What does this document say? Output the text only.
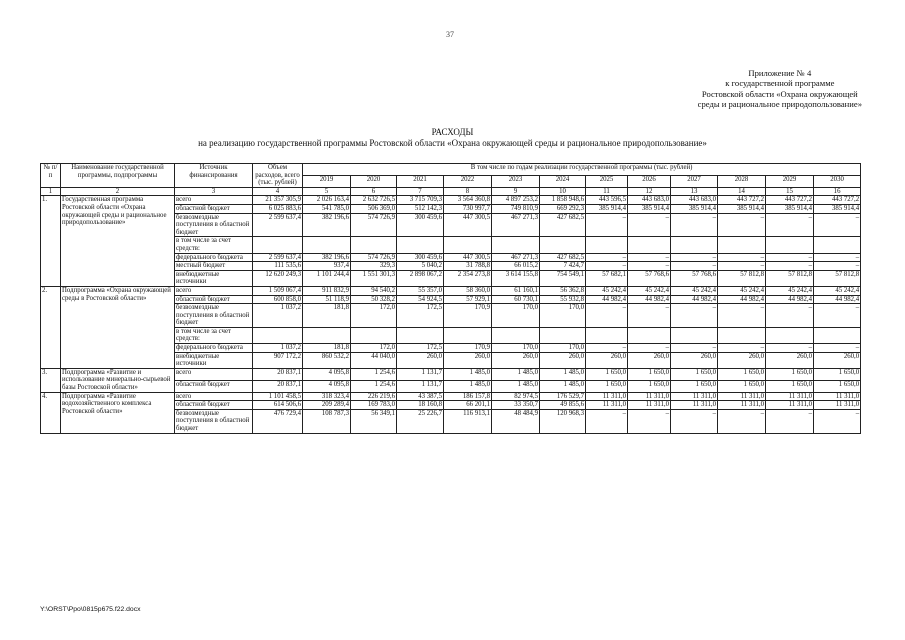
37
Приложение № 4
к государственной программе
Ростовской области «Охрана окружающей
среды и рациональное природопользование»
РАСХОДЫ
на реализацию государственной программы Ростовской области «Охрана окружающей среды и рациональное природопользование»
№ п/п	Наименование государственной программы, подпрограммы	Источник финансирования	Объем расходов, всего (тыс. рублей)	В том числе по годам реализации государственной программы (тыс. рублей)											
				2019	2020	2021	2022	2023	2024	2025	2026	2027	2028	2029	2030
1	2	3	4	5	6	7	8	9	10	11	12	13	14	15	16
1.	Государственная программа Ростовской области «Охрана окружающей среды и рациональное природопользование»	всего	21 357 305,9	2 026 163,4	2 632 726,5	3 715 709,3	3 564 360,8	4 897 253,2	1 858 948,6	443 596,5	443 683,0	443 683,0	443 727,2	443 727,2	443 727,2
		областной бюджет	6 025 883,6	541 785,0	506 369,0	512 142,3	730 997,7	749 810,9	669 292,3	385 914,4	385 914,4	385 914,4	385 914,4	385 914,4	385 914,4
		безвозмездные поступления в областной бюджет	2 599 637,4	382 196,6	574 726,9	300 459,6	447 300,5	467 271,3	427 682,5	–	–	–	–	–	–
		в том числе за счет средств:													
		федерального бюджета	2 599 637,4	382 196,6	574 726,9	300 459,6	447 300,5	467 271,3	427 682,5	–	–	–	–	–	–
		местный бюджет	111 535,6	937,4	329,3	5 040,2	31 788,8	66 015,2	7 424,7	–	–	–	–	–	–
		внебюджетные источники	12 620 249,3	1 101 244,4	1 551 301,3	2 898 067,2	2 354 273,8	3 614 155,8	754 549,1	57 682,1	57 768,6	57 768,6	57 812,8	57 812,8	57 812,8
2.	Подпрограмма «Охрана окружающей среды в Ростовской области»	всего	1 509 067,4	911 832,9	94 540,2	55 357,0	58 360,0	61 160,1	56 362,8	45 242,4	45 242,4	45 242,4	45 242,4	45 242,4	45 242,4
		областной бюджет	600 858,0	51 118,9	50 328,2	54 924,5	57 929,1	60 730,1	55 932,8	44 982,4	44 982,4	44 982,4	44 982,4	44 982,4	44 982,4
		безвозмездные поступления в областной бюджет	1 037,2	181,8	172,0	172,5	170,9	170,0	170,0	–	–	–	–	–	–
		в том числе за счет средств:													
		федерального бюджета	1 037,2	181,8	172,0	172,5	170,9	170,0	170,0	–	–	–	–	–	–
		внебюджетные источники	907 172,2	860 532,2	44 040,0	260,0	260,0	260,0	260,0	260,0	260,0	260,0	260,0	260,0	260,0
3.	Подпрограмма «Развитие и использование минерально-сырьевой базы Ростовской области»	всего	20 837,1	4 095,8	1 254,6	1 131,7	1 485,0	1 485,0	1 485,0	1 650,0	1 650,0	1 650,0	1 650,0	1 650,0	1 650,0
		областной бюджет	20 837,1	4 095,8	1 254,6	1 131,7	1 485,0	1 485,0	1 485,0	1 650,0	1 650,0	1 650,0	1 650,0	1 650,0	1 650,0
4.	Подпрограмма «Развитие водохозяйственного комплекса Ростовской области»	всего	1 101 458,5	318 323,4	226 219,6	43 387,5	186 157,8	82 974,5	176 529,7	11 311,0	11 311,0	11 311,0	11 311,0	11 311,0	11 311,0
		областной бюджет	614 506,6	209 289,4	169 783,0	18 160,8	66 201,1	33 350,7	49 855,6	11 311,0	11 311,0	11 311,0	11 311,0	11 311,0	11 311,0
		безвозмездные поступления в областной бюджет	476 729,4	108 787,3	56 349,1	25 226,7	116 913,1	48 484,9	120 968,3	–	–	–	–	–	–
Y:\ORST\Ppo\0815p675.f22.docx
